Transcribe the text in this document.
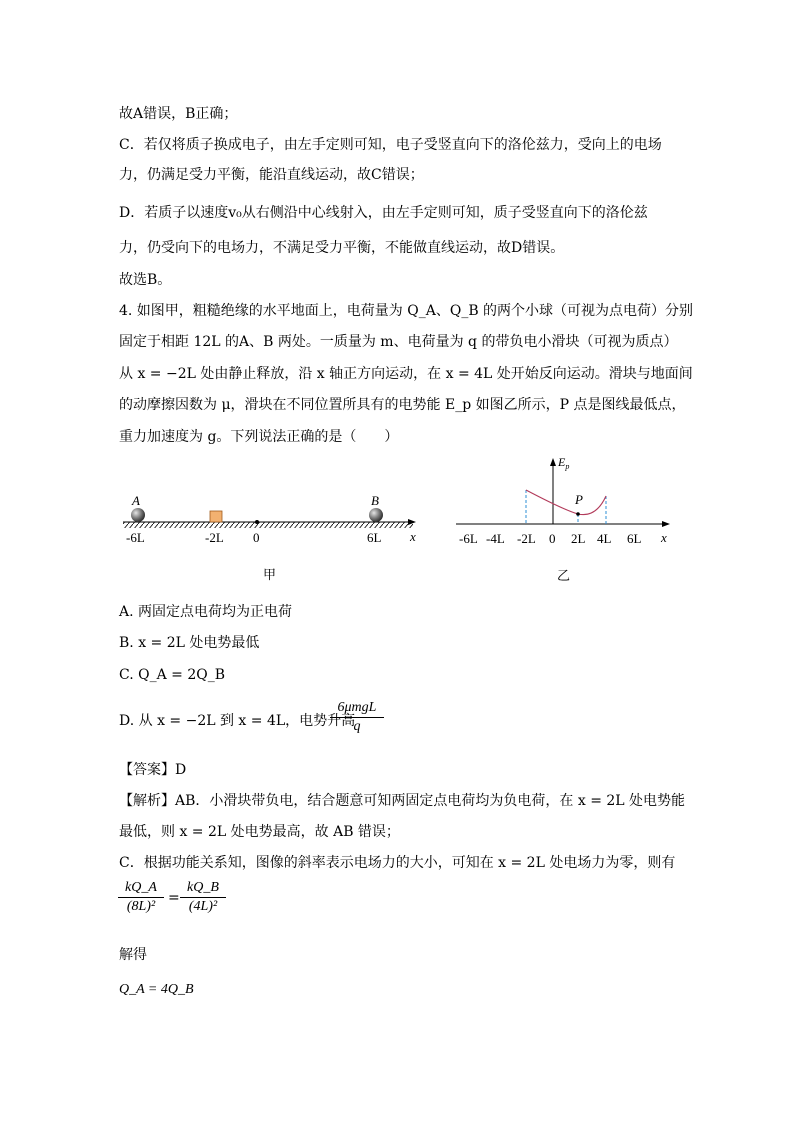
故A错误，B正确；
C．若仅将质子换成电子，由左手定则可知，电子受竖直向下的洛伦兹力，受向上的电场
力，仍满足受力平衡，能沿直线运动，故C错误；
D．若质子以速度v₀从右侧沿中心线射入，由左手定则可知，质子受竖直向下的洛伦兹
力，仍受向下的电场力，不满足受力平衡，不能做直线运动，故D错误。
故选B。
4. 如图甲，粗糙绝缘的水平地面上，电荷量为 Q_A、Q_B 的两个小球（可视为点电荷）分别
固定于相距 12L 的A、B 两处。一质量为 m、电荷量为 q 的带负电小滑块（可视为质点）
从 x = −2L 处由静止释放，沿 x 轴正方向运动，在 x = 4L 处开始反向运动。滑块与地面间
的动摩擦因数为 μ，滑块在不同位置所具有的电势能 E_p 如图乙所示，P 点是图线最低点，
重力加速度为 g。下列说法正确的是（　　）
A	B
-6L	-2L 0	6L x
甲
P
$E_p$
-6L -4L -2L 0 2L 4L 6L x
乙
A. 两固定点电荷均为正电荷
B. x = 2L 处电势最低
C. Q_A = 2Q_B
D. 从 x = −2L 到 x = 4L，电势升高
6μmgL
q
【答案】D
【解析】AB．小滑块带负电，结合题意可知两固定点电荷均为负电荷，在 x = 2L 处电势能
最低，则 x = 2L 处电势最高，故 AB 错误；
C．根据功能关系知，图像的斜率表示电场力的大小，可知在 x = 2L 处电场力为零，则有
kQ_A
(8L)²
=
kQ_B
(4L)²
解得
Q_A = 4Q_B
